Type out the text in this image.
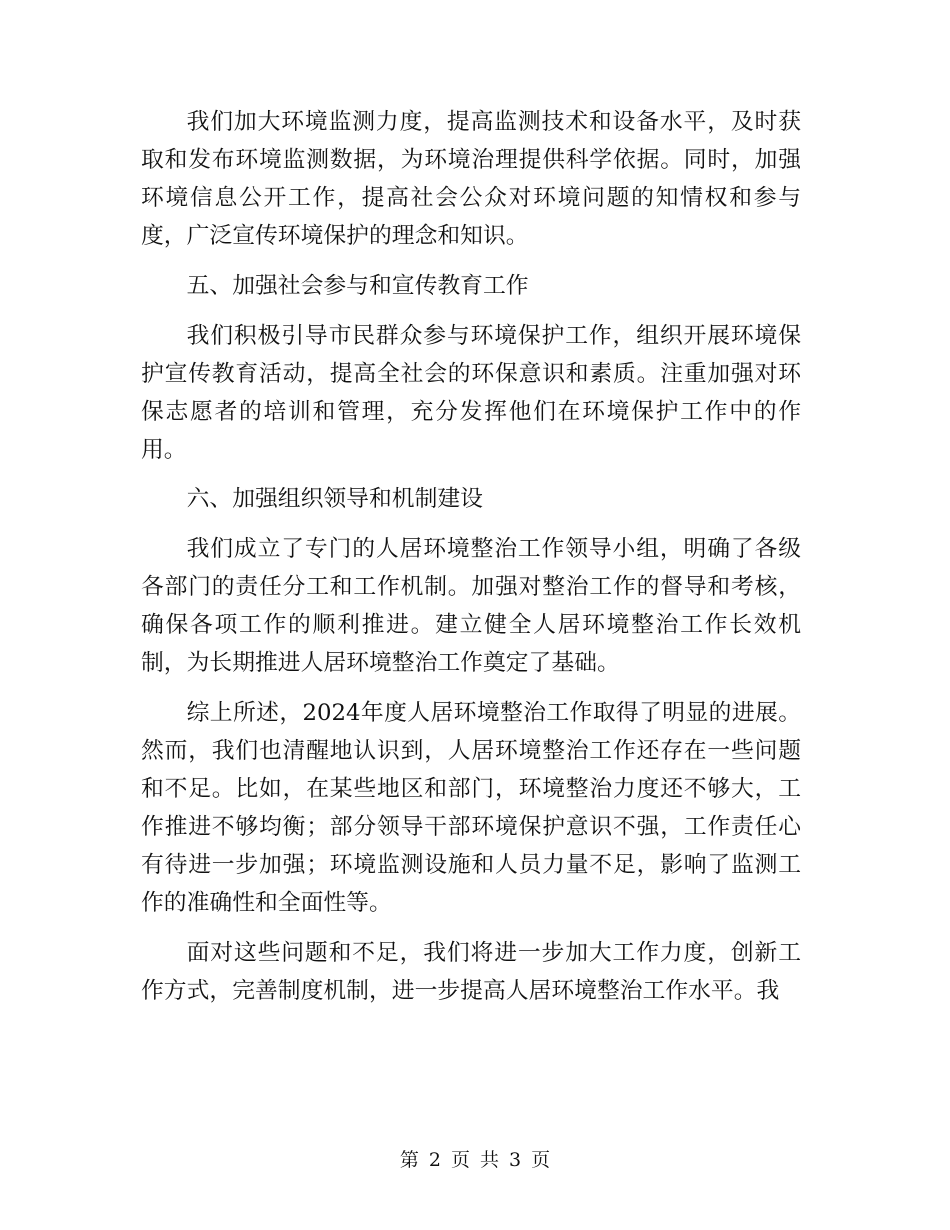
我们加大环境监测力度，提高监测技术和设备水平，及时获取和发布环境监测数据，为环境治理提供科学依据。同时，加强环境信息公开工作，提高社会公众对环境问题的知情权和参与度，广泛宣传环境保护的理念和知识。

五、加强社会参与和宣传教育工作

我们积极引导市民群众参与环境保护工作，组织开展环境保护宣传教育活动，提高全社会的环保意识和素质。注重加强对环保志愿者的培训和管理，充分发挥他们在环境保护工作中的作用。

六、加强组织领导和机制建设

我们成立了专门的人居环境整治工作领导小组，明确了各级各部门的责任分工和工作机制。加强对整治工作的督导和考核，确保各项工作的顺利推进。建立健全人居环境整治工作长效机制，为长期推进人居环境整治工作奠定了基础。

综上所述，2024年度人居环境整治工作取得了明显的进展。然而，我们也清醒地认识到，人居环境整治工作还存在一些问题和不足。比如，在某些地区和部门，环境整治力度还不够大，工作推进不够均衡；部分领导干部环境保护意识不强，工作责任心有待进一步加强；环境监测设施和人员力量不足，影响了监测工作的准确性和全面性等。

面对这些问题和不足，我们将进一步加大工作力度，创新工作方式，完善制度机制，进一步提高人居环境整治工作水平。我

第 2 页 共 3 页
